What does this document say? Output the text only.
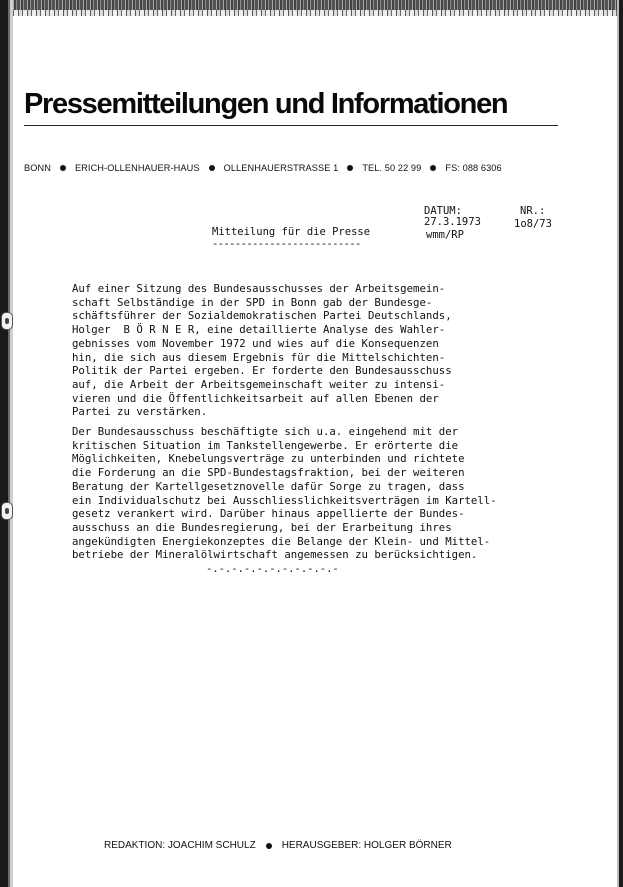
Pressemitteilungen und Informationen
BONN	ERICH-OLLENHAUER-HAUS	OLLENHAUERSTRASSE 1	TEL. 50 22 99	FS: 088 6306
DATUM:	NR.:
27.3.1973	1o8/73
wmm/RP
Mitteilung für die Presse
--------------------------
Auf einer Sitzung des Bundesausschusses der Arbeitsgemein-
schaft Selbständige in der SPD in Bonn gab der Bundesge-
schäftsführer der Sozialdemokratischen Partei Deutschlands,
Holger  B Ö R N E R, eine detaillierte Analyse des Wahler-
gebnisses vom November 1972 und wies auf die Konsequenzen
hin, die sich aus diesem Ergebnis für die Mittelschichten-
Politik der Partei ergeben. Er forderte den Bundesausschuss
auf, die Arbeit der Arbeitsgemeinschaft weiter zu intensi-
vieren und die Öffentlichkeitsarbeit auf allen Ebenen der
Partei zu verstärken.
Der Bundesausschuss beschäftigte sich u.a. eingehend mit der
kritischen Situation im Tankstellengewerbe. Er erörterte die
Möglichkeiten, Knebelungsverträge zu unterbinden und richtete
die Forderung an die SPD-Bundestagsfraktion, bei der weiteren
Beratung der Kartellgesetznovelle dafür Sorge zu tragen, dass
ein Individualschutz bei Ausschliesslichkeitsverträgen im Kartell-
gesetz verankert wird. Darüber hinaus appellierte der Bundes-
ausschuss an die Bundesregierung, bei der Erarbeitung ihres
angekündigten Energiekonzeptes die Belange der Klein- und Mittel-
betriebe der Mineralölwirtschaft angemessen zu berücksichtigen.
-.-.-.-.-.-.-.-.-.-.-
REDAKTION: JOACHIM SCHULZ	HERAUSGEBER: HOLGER BÖRNER
